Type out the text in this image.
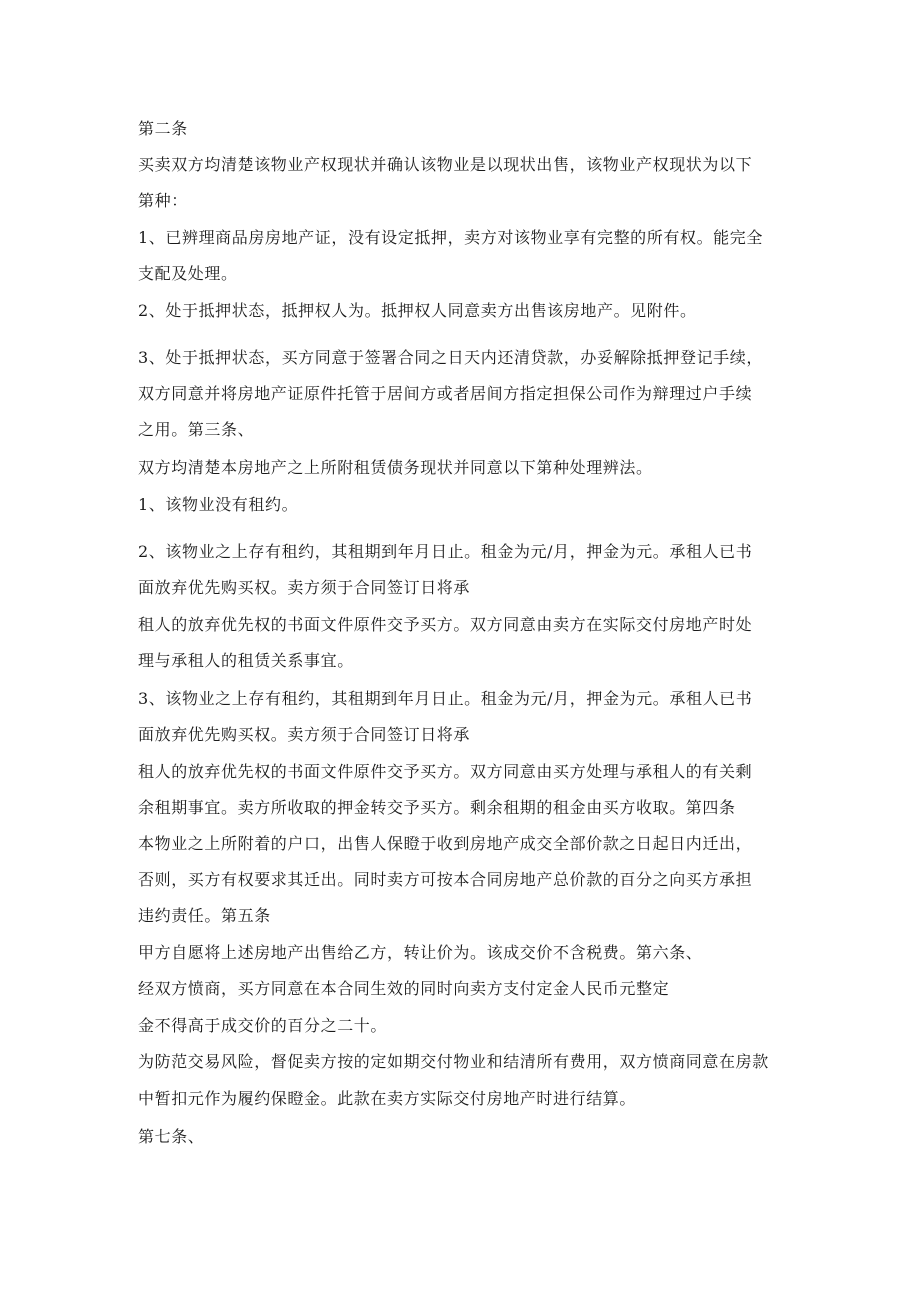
第二条
买卖双方均清楚该物业产权现状并确认该物业是以现状出售，该物业产权现状为以下
第种：
1、已辨理商品房房地产证，没有设定抵押，卖方对该物业享有完整的所有权。能完全
支配及处理。
2、处于抵押状态，抵押权人为。抵押权人同意卖方出售该房地产。见附件。
3、处于抵押状态，买方同意于签署合同之日天内还清贷款，办妥解除抵押登记手续，
双方同意并将房地产证原件托管于居间方或者居间方指定担保公司作为辩理过户手续
之用。第三条、
双方均清楚本房地产之上所附租赁债务现状并同意以下第种处理辨法。
1、该物业没有租约。
2、该物业之上存有租约，其租期到年月日止。租金为元/月，押金为元。承租人已书
面放弃优先购买权。卖方须于合同签订日将承
租人的放弃优先权的书面文件原件交予买方。双方同意由卖方在实际交付房地产时处
理与承租人的租赁关系事宜。
3、该物业之上存有租约，其租期到年月日止。租金为元/月，押金为元。承租人已书
面放弃优先购买权。卖方须于合同签订日将承
租人的放弃优先权的书面文件原件交予买方。双方同意由买方处理与承租人的有关剩
余租期事宜。卖方所收取的押金转交予买方。剩余租期的租金由买方收取。第四条
本物业之上所附着的户口，出售人保瞪于收到房地产成交全部价款之日起日内迁出，
否则，买方有权要求其迁出。同时卖方可按本合同房地产总价款的百分之向买方承担
违约责任。第五条
甲方自愿将上述房地产出售给乙方，转让价为。该成交价不含税费。第六条、
经双方愤商，买方同意在本合同生效的同时向卖方支付定金人民币元整定
金不得高于成交价的百分之二十。
为防范交易风险，督促卖方按的定如期交付物业和结清所有费用，双方愤商同意在房款
中暂扣元作为履约保瞪金。此款在卖方实际交付房地产时进行结算。
第七条、
